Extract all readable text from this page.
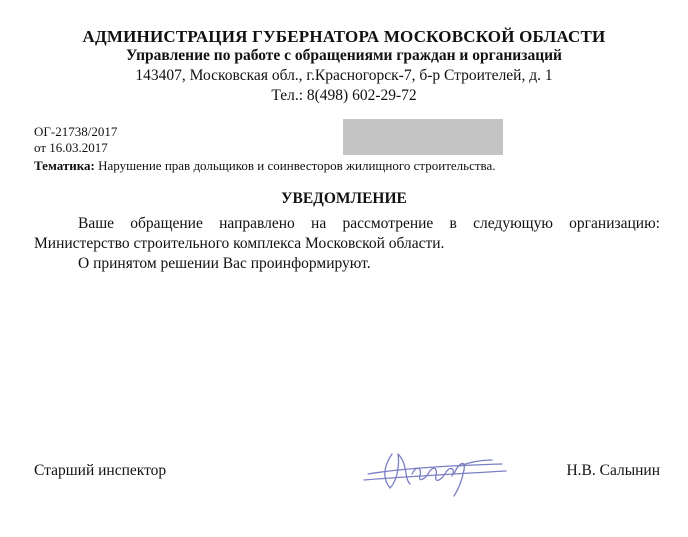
АДМИНИСТРАЦИЯ ГУБЕРНАТОРА МОСКОВСКОЙ ОБЛАСТИ
Управление по работе с обращениями граждан и организаций
143407, Московская обл., г.Красногорск-7, б-р Строителей, д. 1
Тел.: 8(498) 602-29-72
ОГ-21738/2017
от 16.03.2017
Тематика: Нарушение прав дольщиков и соинвесторов жилищного строительства.
УВЕДОМЛЕНИЕ

Ваше обращение направлено на рассмотрение в следующую организацию: Министерство строительного комплекса Московской области.

О принятом решении Вас проинформируют.

Старший инспектор	Н.В. Салынин
